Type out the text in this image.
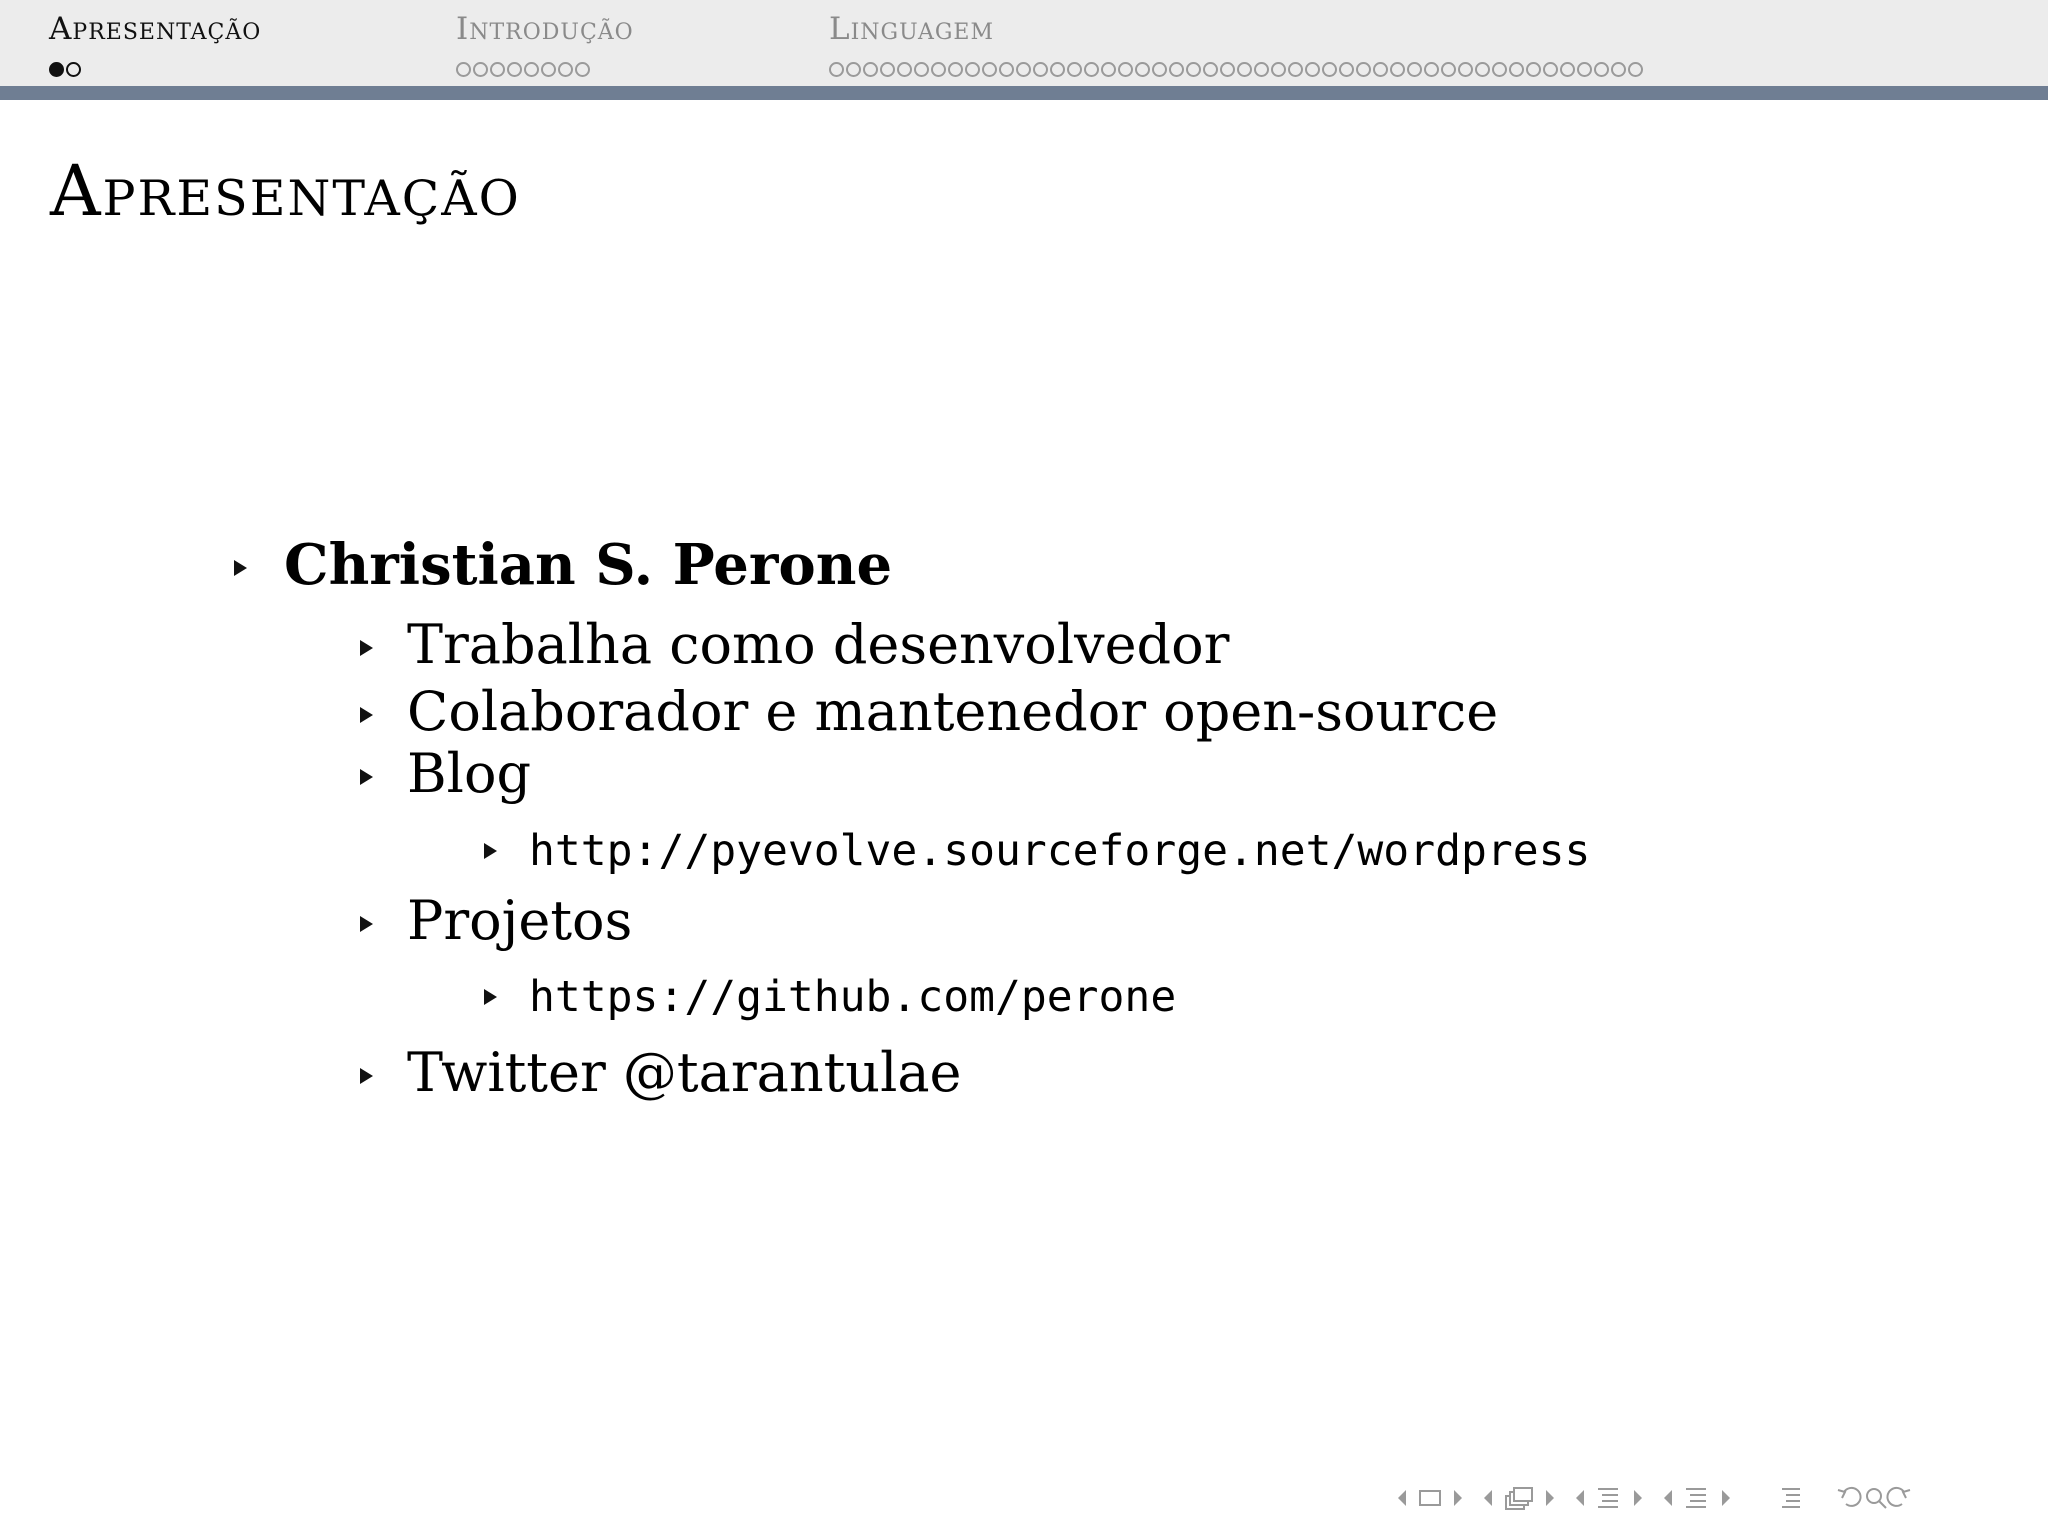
Apresentação	Introdução	Linguagem
Apresentação
Christian S. Perone
Trabalha como desenvolvedor
Colaborador e mantenedor open-source
Blog
http://pyevolve.sourceforge.net/wordpress
Projetos
https://github.com/perone
Twitter @tarantulae
